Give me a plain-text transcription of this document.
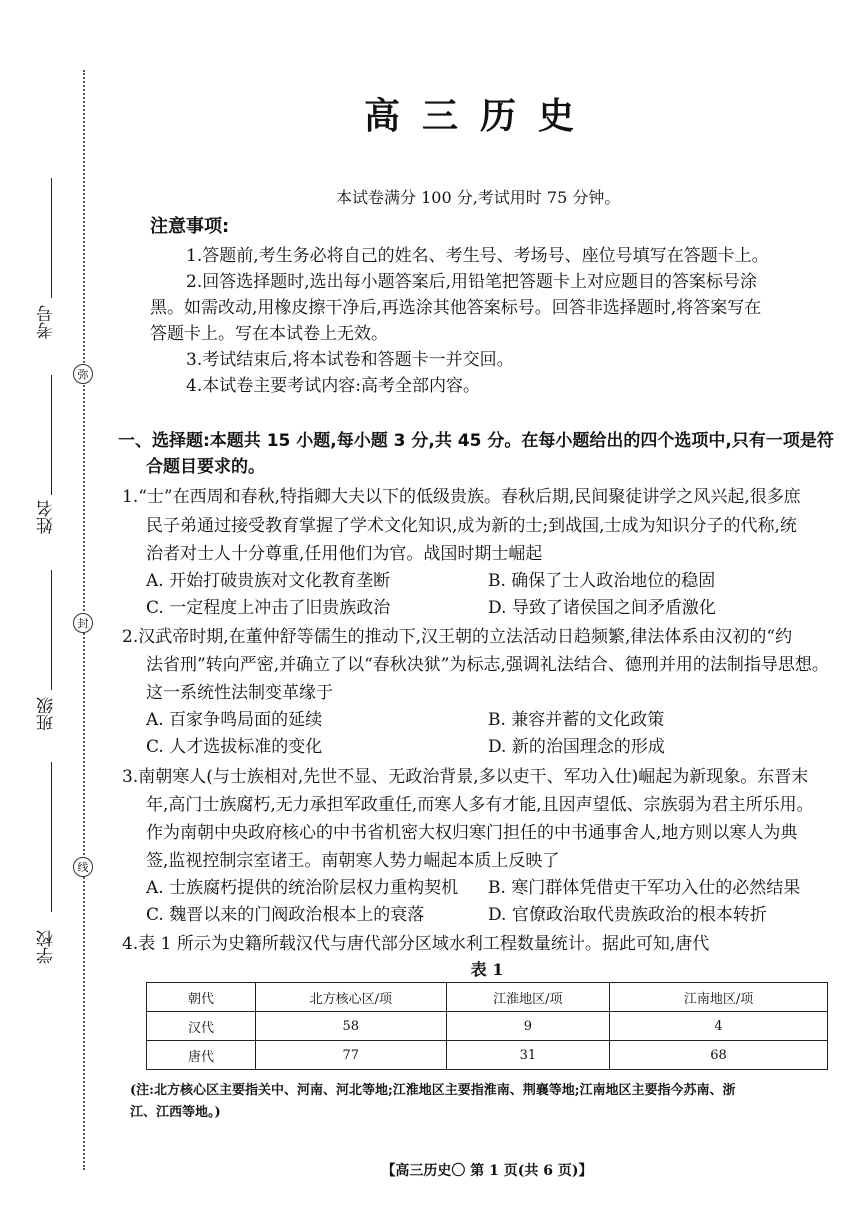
考号
姓名
班级
学校
弥
封
线
高三历史
本试卷满分 100 分,考试用时 75 分钟。
注意事项:
1.答题前,考生务必将自己的姓名、考生号、考场号、座位号填写在答题卡上。
2.回答选择题时,选出每小题答案后,用铅笔把答题卡上对应题目的答案标号涂
黑。如需改动,用橡皮擦干净后,再选涂其他答案标号。回答非选择题时,将答案写在
答题卡上。写在本试卷上无效。
3.考试结束后,将本试卷和答题卡一并交回。
4.本试卷主要考试内容:高考全部内容。
一、选择题:本题共 15 小题,每小题 3 分,共 45 分。在每小题给出的四个选项中,只有一项是符
合题目要求的。
1.“士”在西周和春秋,特指卿大夫以下的低级贵族。春秋后期,民间聚徒讲学之风兴起,很多庶
民子弟通过接受教育掌握了学术文化知识,成为新的士;到战国,士成为知识分子的代称,统
治者对士人十分尊重,任用他们为官。战国时期士崛起
A. 开始打破贵族对文化教育垄断	B. 确保了士人政治地位的稳固
C. 一定程度上冲击了旧贵族政治	D. 导致了诸侯国之间矛盾激化
2.汉武帝时期,在董仲舒等儒生的推动下,汉王朝的立法活动日趋频繁,律法体系由汉初的“约
法省刑”转向严密,并确立了以“春秋决狱”为标志,强调礼法结合、德刑并用的法制指导思想。
这一系统性法制变革缘于
A. 百家争鸣局面的延续	B. 兼容并蓄的文化政策
C. 人才选拔标准的变化	D. 新的治国理念的形成
3.南朝寒人(与士族相对,先世不显、无政治背景,多以吏干、军功入仕)崛起为新现象。东晋末
年,高门士族腐朽,无力承担军政重任,而寒人多有才能,且因声望低、宗族弱为君主所乐用。
作为南朝中央政府核心的中书省机密大权归寒门担任的中书通事舍人,地方则以寒人为典
签,监视控制宗室诸王。南朝寒人势力崛起本质上反映了
A. 士族腐朽提供的统治阶层权力重构契机 B. 寒门群体凭借吏干军功入仕的必然结果
C. 魏晋以来的门阀政治根本上的衰落	D. 官僚政治取代贵族政治的根本转折
4.表 1 所示为史籍所载汉代与唐代部分区域水利工程数量统计。据此可知,唐代
表 1
朝代	北方核心区/项	江淮地区/项	江南地区/项
汉代	58	9	4
唐代	77	31	68
(注:北方核心区主要指关中、河南、河北等地;江淮地区主要指淮南、荆襄等地;江南地区主要指今苏南、浙
江、江西等地。)
【高三历史〇 第 1 页(共 6 页)】
